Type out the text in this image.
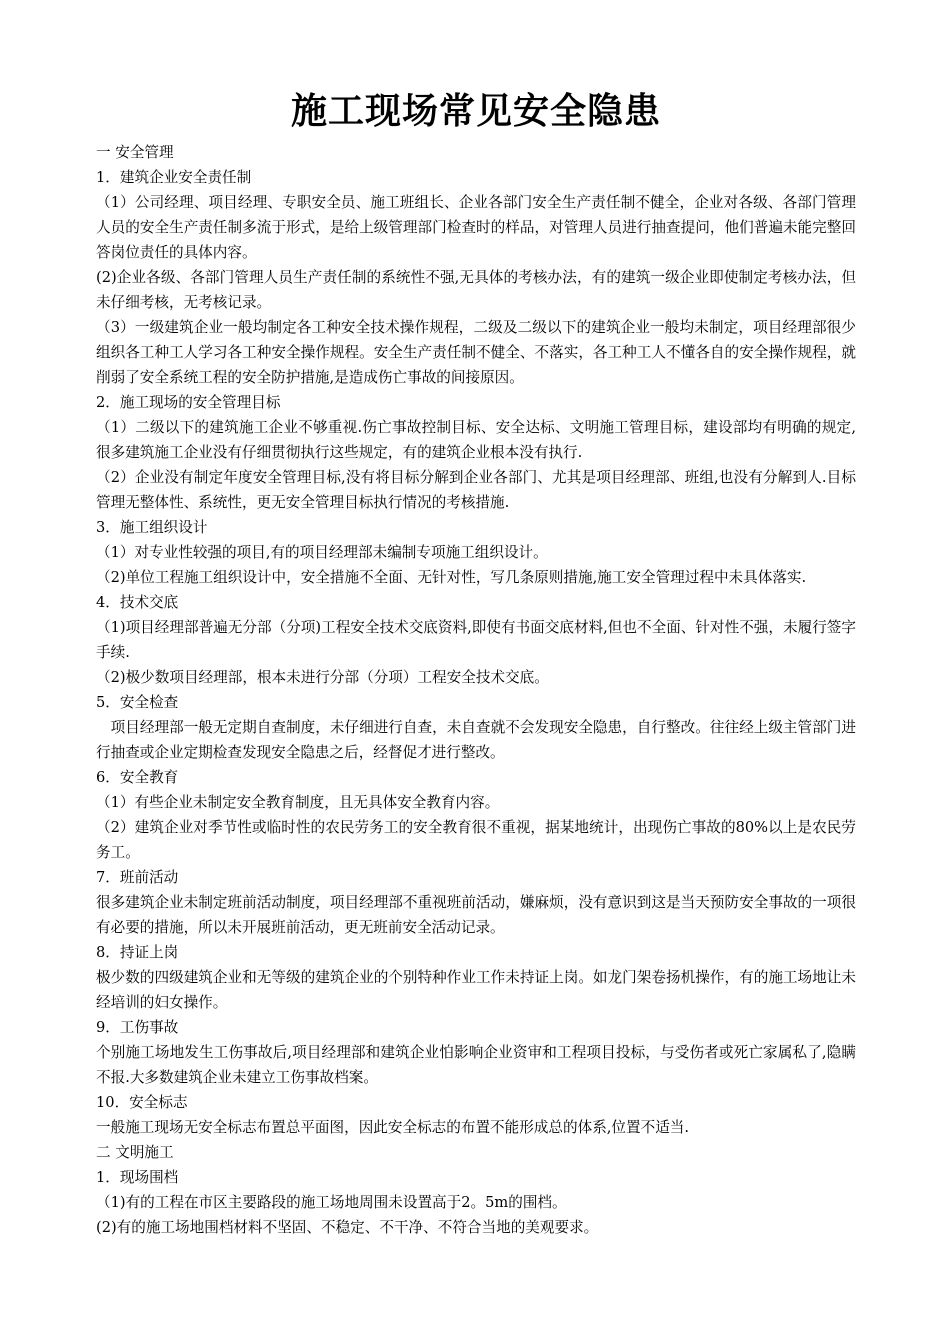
施工现场常见安全隐患

一 安全管理

1．建筑企业安全责任制

（1）公司经理、项目经理、专职安全员、施工班组长、企业各部门安全生产责任制不健全，企业对各级、各部门管理人员的安全生产责任制多流于形式，是给上级管理部门检查时的样品，对管理人员进行抽查提问，他们普遍未能完整回答岗位责任的具体内容。

(2)企业各级、各部门管理人员生产责任制的系统性不强,无具体的考核办法，有的建筑一级企业即使制定考核办法，但未仔细考核，无考核记录。

（3）一级建筑企业一般均制定各工种安全技术操作规程，二级及二级以下的建筑企业一般均未制定，项目经理部很少组织各工种工人学习各工种安全操作规程。安全生产责任制不健全、不落实，各工种工人不懂各自的安全操作规程，就削弱了安全系统工程的安全防护措施,是造成伤亡事故的间接原因。

2．施工现场的安全管理目标

（1）二级以下的建筑施工企业不够重视.伤亡事故控制目标、安全达标、文明施工管理目标，建设部均有明确的规定,很多建筑施工企业没有仔细贯彻执行这些规定，有的建筑企业根本没有执行.

（2）企业没有制定年度安全管理目标,没有将目标分解到企业各部门、尤其是项目经理部、班组,也没有分解到人.目标管理无整体性、系统性，更无安全管理目标执行情况的考核措施.

3．施工组织设计

（1）对专业性较强的项目,有的项目经理部未编制专项施工组织设计。

（2)单位工程施工组织设计中，安全措施不全面、无针对性，写几条原则措施,施工安全管理过程中未具体落实.

4．技术交底

（1)项目经理部普遍无分部（分项)工程安全技术交底资料,即使有书面交底材料,但也不全面、针对性不强，未履行签字手续.

（2)极少数项目经理部，根本未进行分部（分项）工程安全技术交底。

5．安全检查

　项目经理部一般无定期自查制度，未仔细进行自查，未自查就不会发现安全隐患，自行整改。往往经上级主管部门进行抽查或企业定期检查发现安全隐患之后，经督促才进行整改。

6．安全教育

（1）有些企业未制定安全教育制度，且无具体安全教育内容。

（2）建筑企业对季节性或临时性的农民劳务工的安全教育很不重视，据某地统计，出现伤亡事故的80%以上是农民劳务工。

7．班前活动

很多建筑企业未制定班前活动制度，项目经理部不重视班前活动，嫌麻烦，没有意识到这是当天预防安全事故的一项很有必要的措施，所以未开展班前活动，更无班前安全活动记录。

8．持证上岗

极少数的四级建筑企业和无等级的建筑企业的个别特种作业工作未持证上岗。如龙门架卷扬机操作，有的施工场地让未经培训的妇女操作。

9．工伤事故

个别施工场地发生工伤事故后,项目经理部和建筑企业怕影响企业资审和工程项目投标，与受伤者或死亡家属私了,隐瞒不报.大多数建筑企业未建立工伤事故档案。

10．安全标志

一般施工现场无安全标志布置总平面图，因此安全标志的布置不能形成总的体系,位置不适当.

二 文明施工

1．现场围档

（1)有的工程在市区主要路段的施工场地周围未设置高于2。5m的围档。

(2)有的施工场地围档材料不坚固、不稳定、不干净、不符合当地的美观要求。
